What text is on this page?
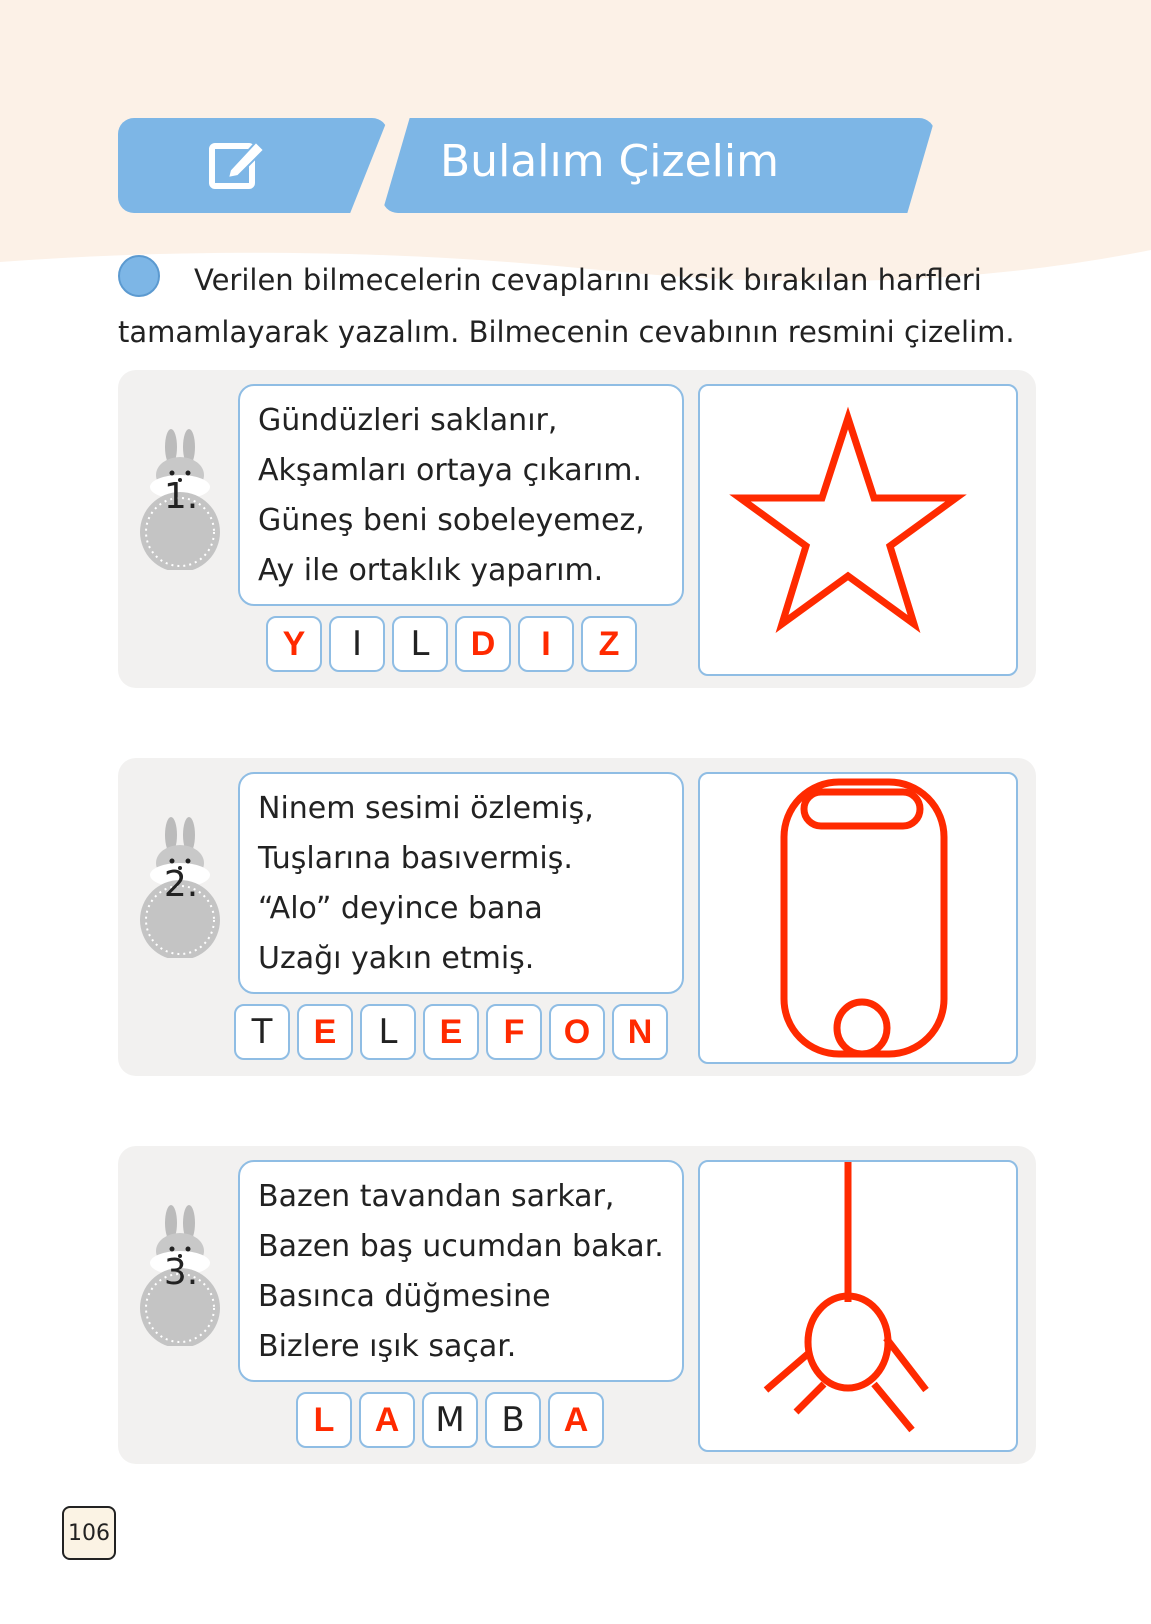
Bulalım Çizelim
Verilen bilmecelerin cevaplarını eksik bırakılan harfleri tamamlayarak yazalım. Bilmecenin cevabının resmini çizelim.
1.
Gündüzleri saklanır,
Akşamları ortaya çıkarım.
Güneş beni sobeleyemez,
Ay ile ortaklık yaparım.
Y	I	L	D	I	Z
2.
Ninem sesimi özlemiş,
Tuşlarına basıvermiş.
“Alo” deyince bana
Uzağı yakın etmiş.
T	E	L	E	F	O	N
3.
Bazen tavandan sarkar,
Bazen baş ucumdan bakar.
Basınca düğmesine
Bizlere ışık saçar.
L	A	M	B	A
106
